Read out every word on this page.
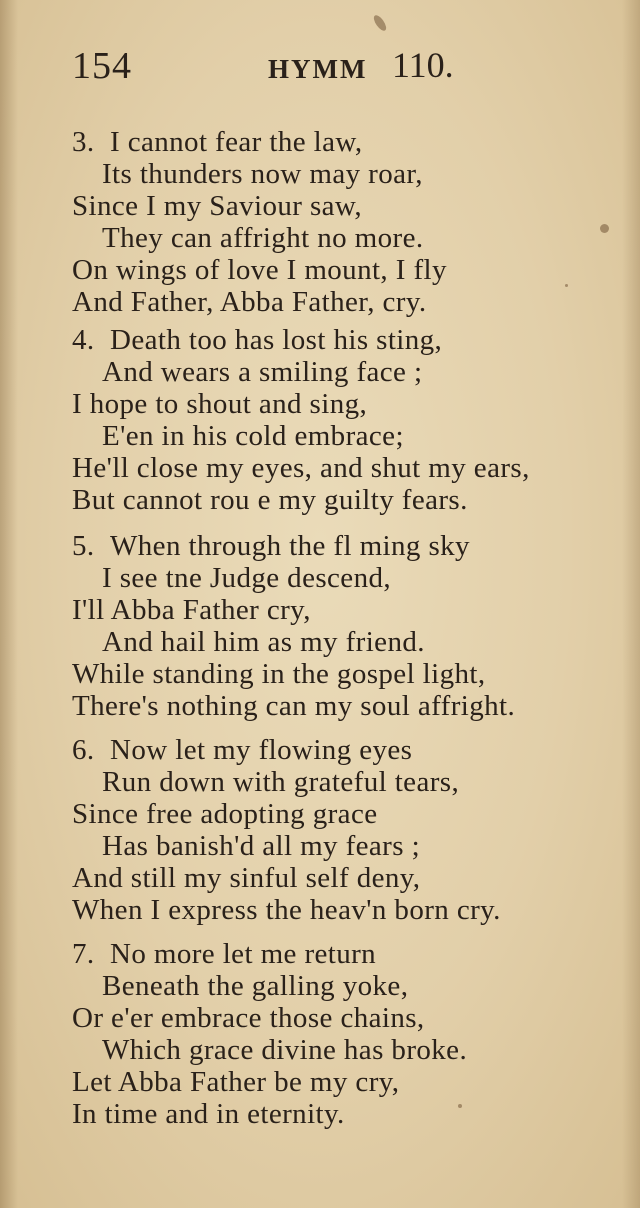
154	HYMM 110.
3. I cannot fear the law,
Its thunders now may roar,
Since I my Saviour saw,
They can affright no more.
On wings of love I mount, I fly
And Father, Abba Father, cry.
4. Death too has lost his sting,
And wears a smiling face ;
I hope to shout and sing,
E'en in his cold embrace;
He'll close my eyes, and shut my ears,
But cannot rou e my guilty fears.
5. When through the fl ming sky
I see tne Judge descend,
I'll Abba Father cry,
And hail him as my friend.
While standing in the gospel light,
There's nothing can my soul affright.
6. Now let my flowing eyes
Run down with grateful tears,
Since free adopting grace
Has banish'd all my fears ;
And still my sinful self deny,
When I express the heav'n born cry.
7. No more let me return
Beneath the galling yoke,
Or e'er embrace those chains,
Which grace divine has broke.
Let Abba Father be my cry,
In time and in eternity.
